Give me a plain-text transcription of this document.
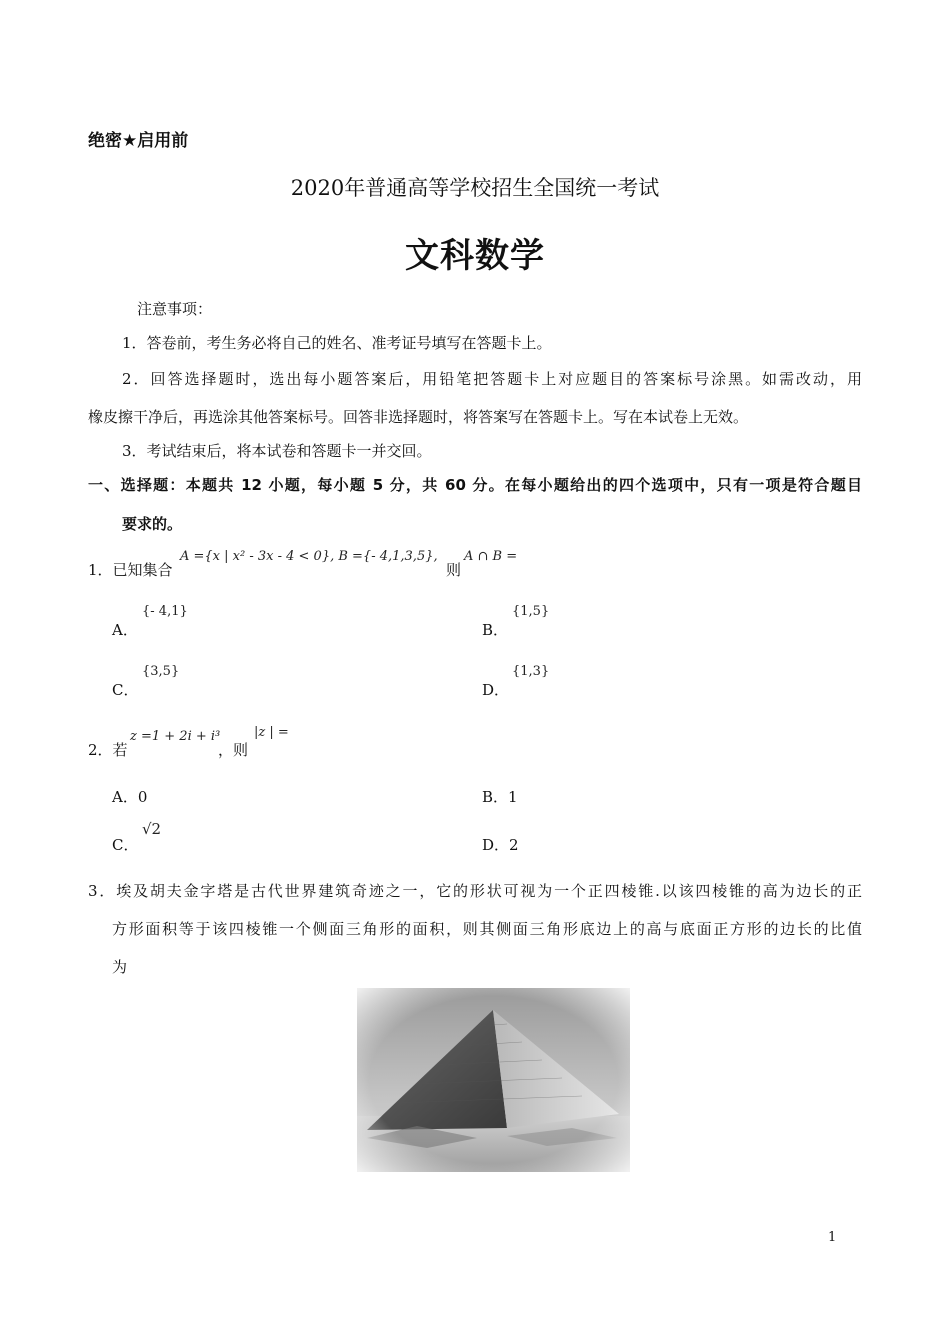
绝密★启用前
2020年普通高等学校招生全国统一考试
文科数学
注意事项：
1．答卷前，考生务必将自己的姓名、准考证号填写在答题卡上。
2．回答选择题时，选出每小题答案后，用铅笔把答题卡上对应题目的答案标号涂黑。如需改动，用
橡皮擦干净后，再选涂其他答案标号。回答非选择题时，将答案写在答题卡上。写在本试卷上无效。
3．考试结束后，将本试卷和答题卡一并交回。
一、选择题：本题共 12 小题，每小题 5 分，共 60 分。在每小题给出的四个选项中，只有一项是符合题目
要求的。
1．已知集合
A ={x | x² - 3x - 4 < 0}, B ={- 4,1,3,5},
则
A ∩ B =
A．
{- 4,1}
B．
{1,5}
C．
{3,5}
D．
{1,3}
2．若
z =1 + 2i + i³
，则
|z | =
A．0	B．1
C．
√2
D．2
3．埃及胡夫金字塔是古代世界建筑奇迹之一，它的形状可视为一个正四棱锥.以该四棱锥的高为边长的正
方形面积等于该四棱锥一个侧面三角形的面积，则其侧面三角形底边上的高与底面正方形的边长的比值
为
1
